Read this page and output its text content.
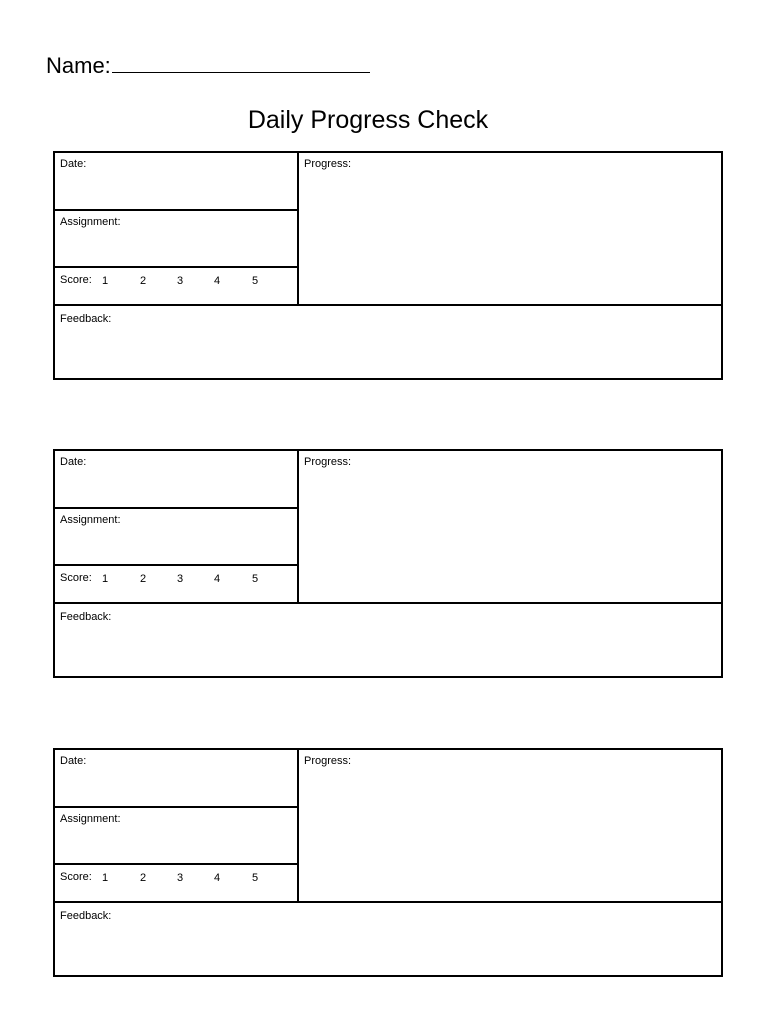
Name:
Daily Progress Check
Date:
Assignment:
Score: 1	2	3	4	5
Progress:
Feedback:
Date:
Assignment:
Score: 1	2	3	4	5
Progress:
Feedback:
Date:
Assignment:
Score: 1	2	3	4	5
Progress:
Feedback:
